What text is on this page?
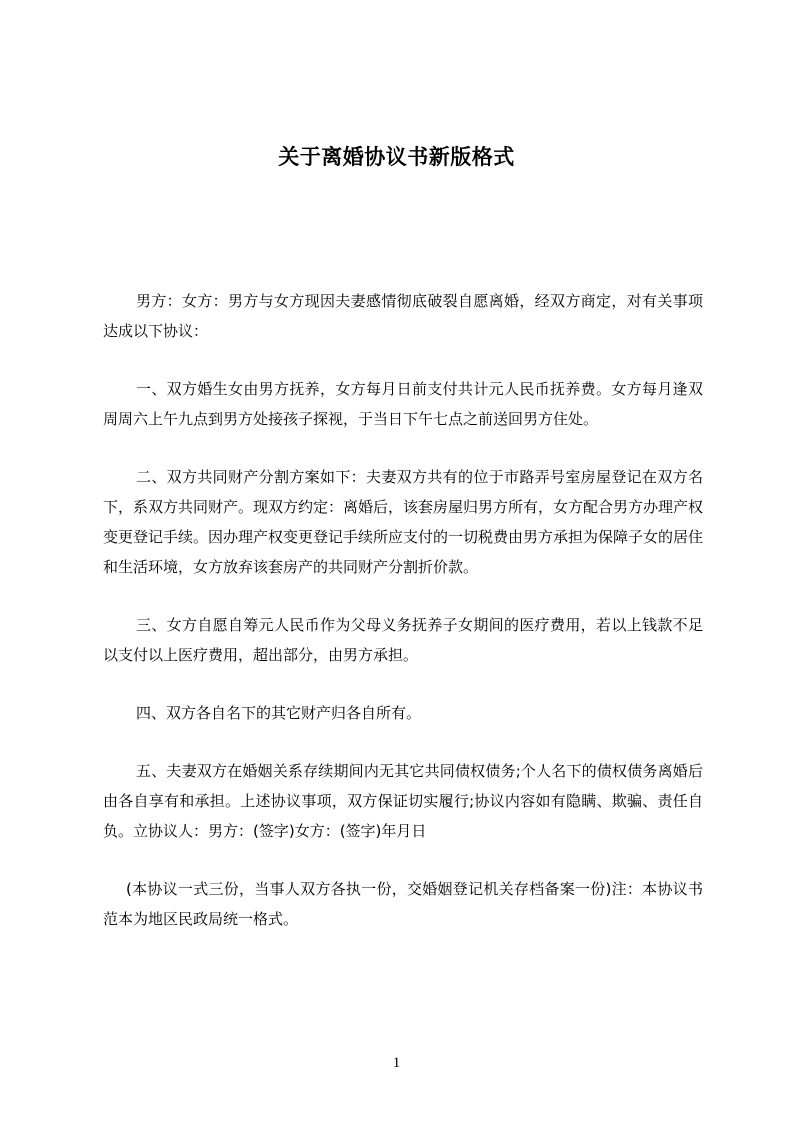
关于离婚协议书新版格式

男方：女方：男方与女方现因夫妻感情彻底破裂自愿离婚，经双方商定，对有关事项达成以下协议：

一、双方婚生女由男方抚养，女方每月日前支付共计元人民币抚养费。女方每月逢双周周六上午九点到男方处接孩子探视，于当日下午七点之前送回男方住处。

二、双方共同财产分割方案如下：夫妻双方共有的位于市路弄号室房屋登记在双方名下，系双方共同财产。现双方约定：离婚后，该套房屋归男方所有，女方配合男方办理产权变更登记手续。因办理产权变更登记手续所应支付的一切税费由男方承担为保障子女的居住和生活环境，女方放弃该套房产的共同财产分割折价款。

三、女方自愿自筹元人民币作为父母义务抚养子女期间的医疗费用，若以上钱款不足以支付以上医疗费用，超出部分，由男方承担。

四、双方各自名下的其它财产归各自所有。

五、夫妻双方在婚姻关系存续期间内无其它共同债权债务;个人名下的债权债务离婚后由各自享有和承担。上述协议事项，双方保证切实履行;协议内容如有隐瞒、欺骗、责任自负。立协议人：男方：(签字)女方：(签字)年月日

(本协议一式三份，当事人双方各执一份，交婚姻登记机关存档备案一份)注：本协议书范本为地区民政局统一格式。

1
